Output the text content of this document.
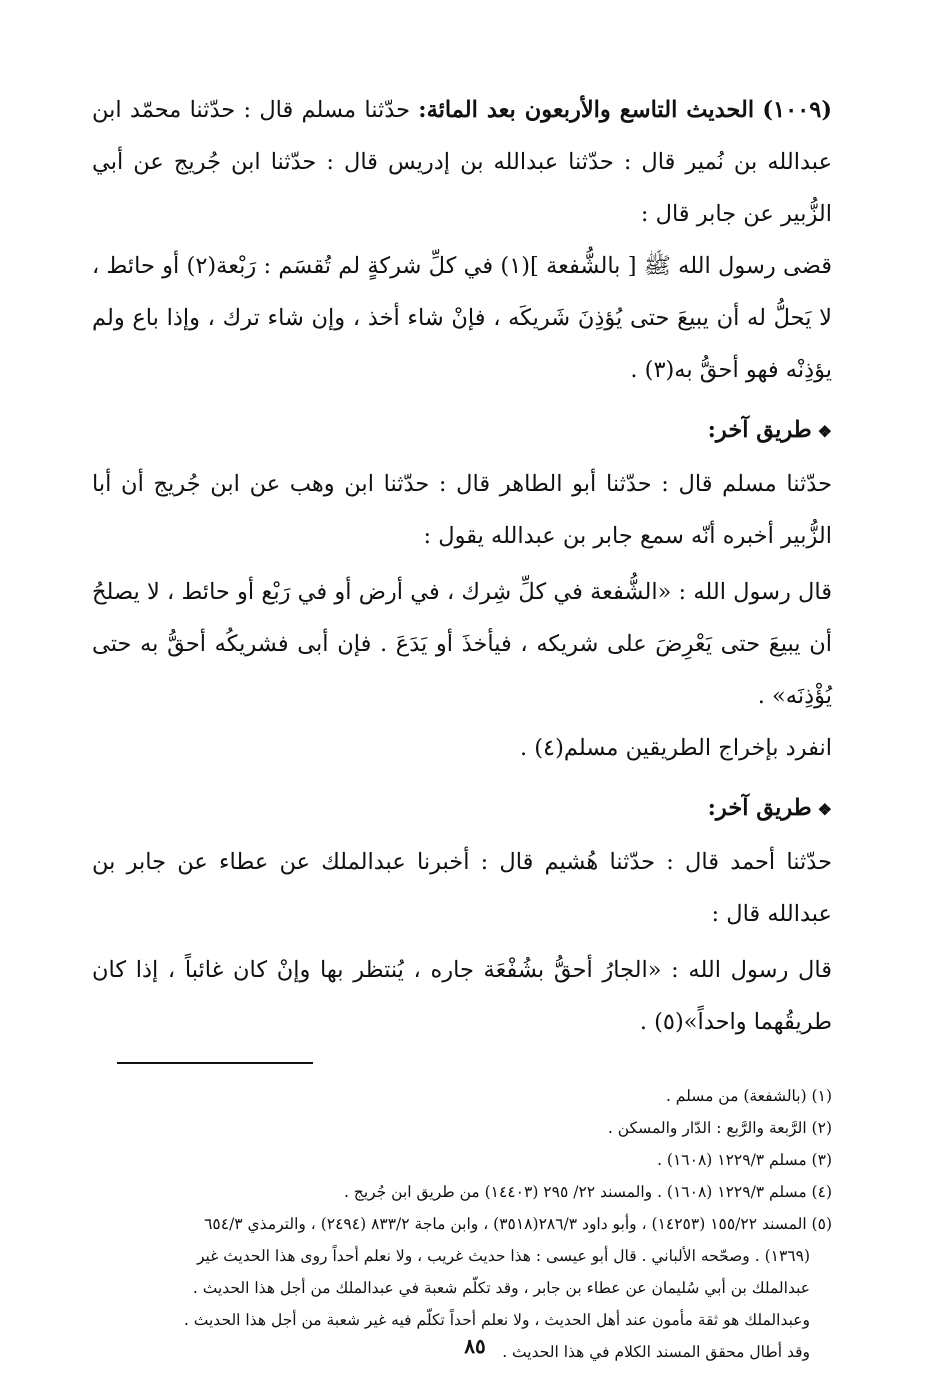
(١٠٠٩) الحديث التاسع والأربعون بعد المائة: حدّثنا مسلم قال : حدّثنا محمّد ابن عبدالله بن نُمير قال : حدّثنا عبدالله بن إدريس قال : حدّثنا ابن جُريج عن أبي الزُّبير عن جابر قال :

قضى رسول الله ﷺ [ بالشُّفعة ](١) في كلِّ شركةٍ لم تُقسَم : رَبْعة(٢) أو حائط ، لا يَحلُّ له أن يبيعَ حتى يُؤذِنَ شَريكَه ، فإنْ شاء أخذ ، وإن شاء ترك ، وإذا باع ولم يؤذِنْه فهو أحقُّ به(٣) .

❖طريق آخر:

حدّثنا مسلم قال : حدّثنا أبو الطاهر قال : حدّثنا ابن وهب عن ابن جُريج أن أبا الزُّبير أخبره أنّه سمع جابر بن عبدالله يقول :

قال رسول الله : «الشُّفعة في كلِّ شِرك ، في أرض أو في رَبْع أو حائط ، لا يصلحُ أن يبيعَ حتى يَعْرِضَ على شريكه ، فيأخذَ أو يَدَعَ . فإن أبى فشريكُه أحقُّ به حتى يُؤْذِنَه» .

انفرد بإخراج الطريقين مسلم(٤) .

❖طريق آخر:

حدّثنا أحمد قال : حدّثنا هُشيم قال : أخبرنا عبدالملك عن عطاء عن جابر بن عبدالله قال :

قال رسول الله : «الجارُ أحقُّ بشُفْعَة جاره ، يُنتظر بها وإنْ كان غائباً ، إذا كان طريقُهما واحداً»(٥) .

(١) (بالشفعة) من مسلم .

(٢) الرَّبعة والرَّبع : الدّار والمسكن .

(٣) مسلم ١٢٢٩/٣ (١٦٠٨) .

(٤) مسلم ١٢٢٩/٣ (١٦٠٨) . والمسند ٢٢/ ٢٩٥ (١٤٤٠٣) من طريق ابن جُريج .

(٥) المسند ١٥٥/٢٢ (١٤٢٥٣) ، وأبو داود ٢٨٦/٣(٣٥١٨) ، وابن ماجة ٨٣٣/٢ (٢٤٩٤) ، والترمذي ٦٥٤/٣

(١٣٦٩) . وصحّحه الألباني . قال أبو عيسى : هذا حديث غريب ، ولا نعلم أحداً روى هذا الحديث غير

عبدالملك بن أبي سُليمان عن عطاء بن جابر ، وقد تكلّم شعبة في عبدالملك من أجل هذا الحديث .

وعبدالملك هو ثقة مأمون عند أهل الحديث ، ولا نعلم أحداً تكلّم فيه غير شعبة من أجل هذا الحديث .

وقد أطال محقق المسند الكلام في هذا الحديث .

٨٥
